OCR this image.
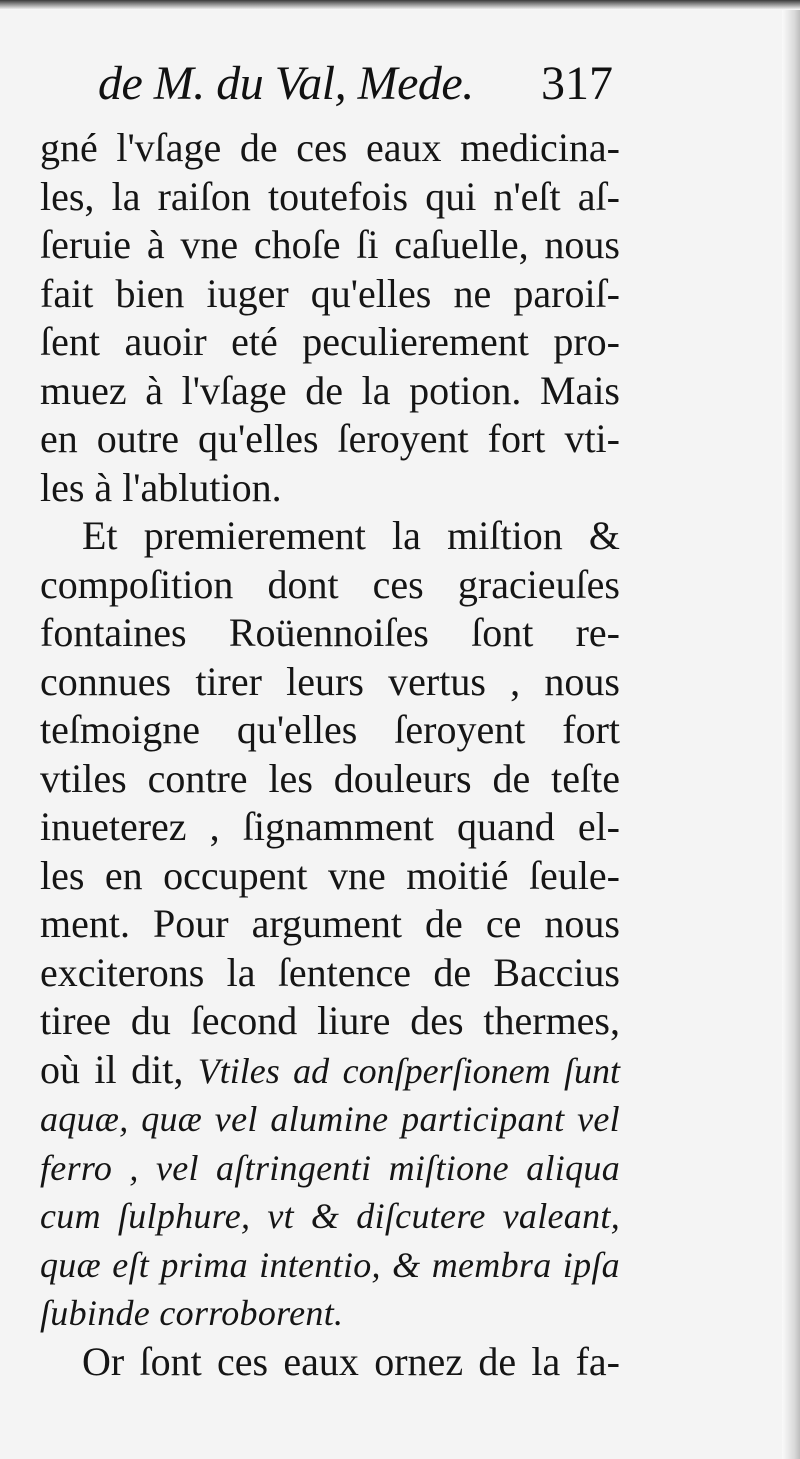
de M. du Val, Mede. 317
gné l'vſage de ces eaux medicina-
les, la raiſon toutefois qui n'eſt aſ-
ſeruie à vne choſe ſi caſuelle, nous
fait bien iuger qu'elles ne paroiſ-
ſent auoir eté peculierement pro-
muez à l'vſage de la potion. Mais
en outre qu'elles ſeroyent fort vti-
les à l'ablution.
Et premierement la miſtion &
compoſition dont ces gracieuſes
fontaines Roüennoiſes ſont re-
connues tirer leurs vertus , nous
teſmoigne qu'elles ſeroyent fort
vtiles contre les douleurs de teſte
inueterez , ſignamment quand el-
les en occupent vne moitié ſeule-
ment. Pour argument de ce nous
exciterons la ſentence de Baccius
tiree du ſecond liure des thermes,
où il dit, Vtiles ad conſperſionem ſunt
aquæ, quæ vel alumine participant vel
ferro , vel aſtringenti miſtione aliqua
cum ſulphure, vt & diſcutere valeant,
quæ eſt prima intentio, & membra ipſa
ſubinde corroborent.
Or ſont ces eaux ornez de la fa-
